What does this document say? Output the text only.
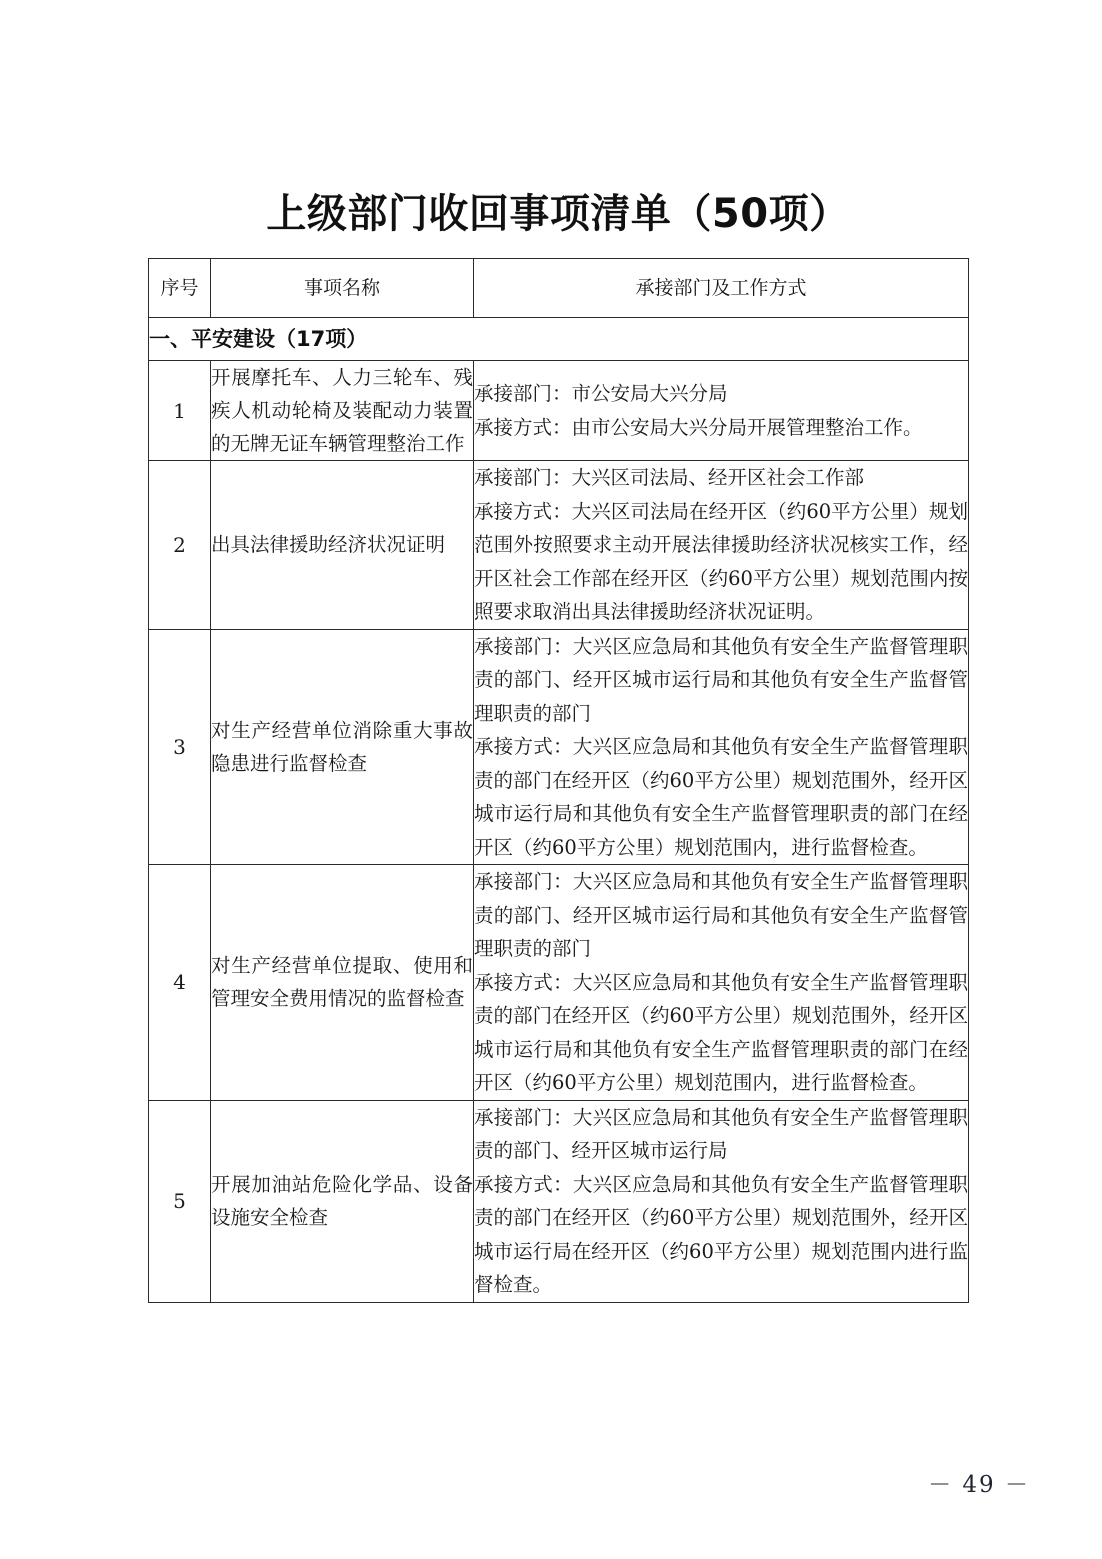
上级部门收回事项清单（50项）
序号	事项名称	承接部门及工作方式
一、平安建设（17项）		
1	开展摩托车、人力三轮车、残疾人机动轮椅及装配动力装置的无牌无证车辆管理整治工作	承接部门：市公安局大兴分局
承接方式：由市公安局大兴分局开展管理整治工作。

2	出具法律援助经济状况证明	承接部门：大兴区司法局、经开区社会工作部
承接方式：大兴区司法局在经开区（约60平方公里）规划范围外按照要求主动开展法律援助经济状况核实工作，经开区社会工作部在经开区（约60平方公里）规划范围内按照要求取消出具法律援助经济状况证明。

3	对生产经营单位消除重大事故隐患进行监督检查	承接部门：大兴区应急局和其他负有安全生产监督管理职责的部门、经开区城市运行局和其他负有安全生产监督管理职责的部门
承接方式：大兴区应急局和其他负有安全生产监督管理职责的部门在经开区（约60平方公里）规划范围外，经开区城市运行局和其他负有安全生产监督管理职责的部门在经开区（约60平方公里）规划范围内，进行监督检查。

4	对生产经营单位提取、使用和管理安全费用情况的监督检查	承接部门：大兴区应急局和其他负有安全生产监督管理职责的部门、经开区城市运行局和其他负有安全生产监督管理职责的部门
承接方式：大兴区应急局和其他负有安全生产监督管理职责的部门在经开区（约60平方公里）规划范围外，经开区城市运行局和其他负有安全生产监督管理职责的部门在经开区（约60平方公里）规划范围内，进行监督检查。

5	开展加油站危险化学品、设备设施安全检查	承接部门：大兴区应急局和其他负有安全生产监督管理职责的部门、经开区城市运行局
承接方式：大兴区应急局和其他负有安全生产监督管理职责的部门在经开区（约60平方公里）规划范围外，经开区城市运行局在经开区（约60平方公里）规划范围内进行监督检查。
－ 49 －
